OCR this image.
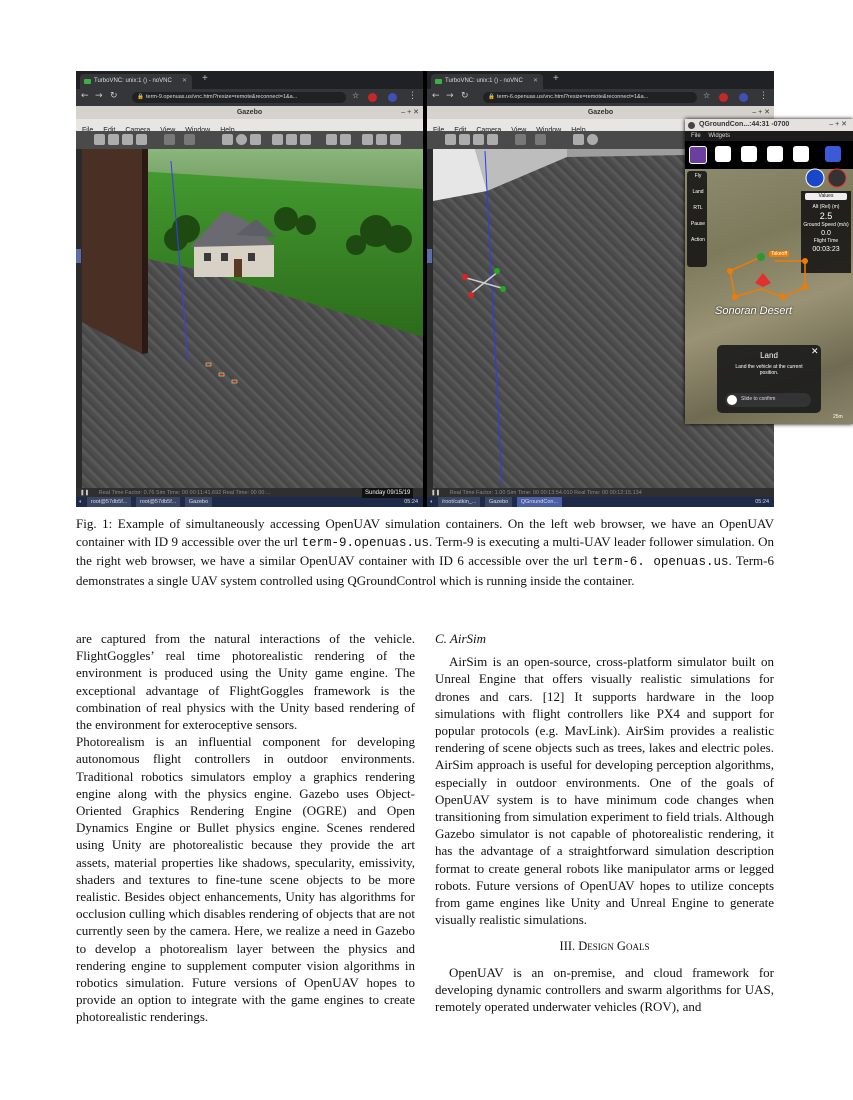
TurboVNC: unix:1 () - noVNC ✕ +
← → ↻	🔒 term-9.openuas.us/vnc.html?resize=remote&reconnect=1&a...	☆	⋮
Gazebo	– + ✕

❚❚ Real Time Factor: 0.76 Sim Time: 00 00:11:41.692 Real Time: 00 00:...
◐ root@57db5f... root@57db5f... Gazebo	05:24
Sunday 09/15/19
TurboVNC: unix:1 () - noVNC ✕ +
← → ↻	🔒 term-6.openuas.us/vnc.html?resize=remote&reconnect=1&a...	☆	⋮
Gazebo	– + ✕

QGroundCon...:44:31 -0700	– + ✕
File Widgets
Fly
Land
RTL
Pause
Action
Values
Alt (Rel) (m)
2.5
Ground Speed (m/s)
0.0
Flight Time
00:03:23
Takeoff
Sonoran Desert
Land
Land the vehicle at the current position.
✕
Slide to confirm
25m
❚❚ Real Time Factor: 1.00 Sim Time: 00 00:13:54.010 Real Time: 00 00:12:15.134
◐ /root/catkin_... Gazebo QGroundCon...	05:24

Fig. 1: Example of simultaneously accessing OpenUAV simulation containers. On the left web browser, we have an OpenUAV container with ID 9 accessible over the url term-9.openuas.us. Term-9 is executing a multi-UAV leader follower simulation. On the right web browser, we have a similar OpenUAV container with ID 6 accessible over the url term-6. openuas.us. Term-6 demonstrates a single UAV system controlled using QGroundControl which is running inside the container.

are captured from the natural interactions of the vehicle. FlightGoggles’ real time photorealistic rendering of the environment is produced using the Unity game engine. The exceptional advantage of FlightGoggles framework is the combination of real physics with the Unity based rendering of the environment for exteroceptive sensors.

Photorealism is an influential component for developing autonomous flight controllers in outdoor environments. Traditional robotics simulators employ a graphics rendering engine along with the physics engine. Gazebo uses Object-Oriented Graphics Rendering Engine (OGRE) and Open Dynamics Engine or Bullet physics engine. Scenes rendered using Unity are photorealistic because they provide the art assets, material properties like shadows, specularity, emissivity, shaders and textures to fine-tune scene objects to be more realistic. Besides object enhancements, Unity has algorithms for occlusion culling which disables rendering of objects that are not currently seen by the camera. Here, we realize a need in Gazebo to develop a photorealism layer between the physics and rendering engine to supplement computer vision algorithms in robotics simulation. Future versions of OpenUAV hopes to provide an option to integrate with the game engines to create photorealistic renderings.

C. AirSim

AirSim is an open-source, cross-platform simulator built on Unreal Engine that offers visually realistic simulations for drones and cars. [12] It supports hardware in the loop simulations with flight controllers like PX4 and support for popular protocols (e.g. MavLink). AirSim provides a realistic rendering of scene objects such as trees, lakes and electric poles. AirSim approach is useful for developing perception algorithms, especially in outdoor environments. One of the goals of OpenUAV system is to have minimum code changes when transitioning from simulation experiment to field trials. Although Gazebo simulator is not capable of photorealistic rendering, it has the advantage of a straightforward simulation description format to create general robots like manipulator arms or legged robots. Future versions of OpenUAV hopes to utilize concepts from game engines like Unity and Unreal Engine to generate visually realistic simulations.

III. Design Goals

OpenUAV is an on-premise, and cloud framework for developing dynamic controllers and swarm algorithms for UAS, remotely operated underwater vehicles (ROV), and
